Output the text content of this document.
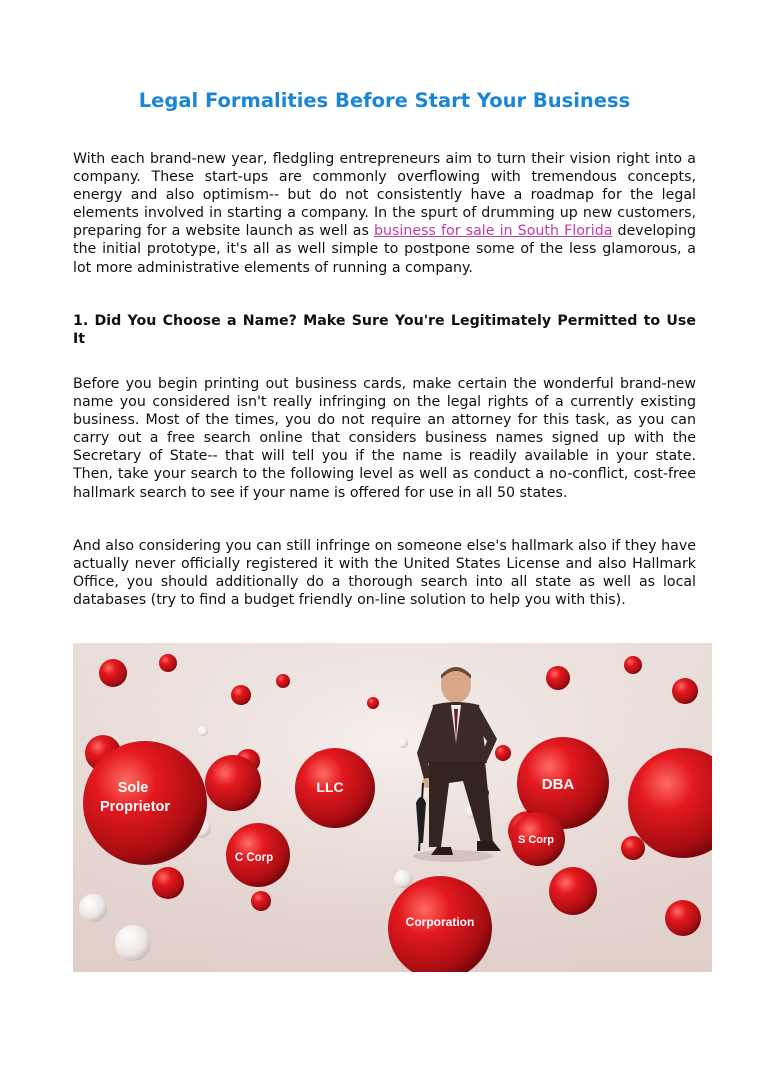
Legal Formalities Before Start Your Business

With each brand-new year, fledgling entrepreneurs aim to turn their vision right into a company. These start-ups are commonly overflowing with tremendous concepts, energy and also optimism-- but do not consistently have a roadmap for the legal elements involved in starting a company. In the spurt of drumming up new customers, preparing for a website launch as well as business for sale in South Florida developing the initial prototype, it's all as well simple to postpone some of the less glamorous, a lot more administrative elements of running a company.

1. Did You Choose a Name? Make Sure You're Legitimately Permitted to Use It

Before you begin printing out business cards, make certain the wonderful brand-new name you considered isn't really infringing on the legal rights of a currently existing business. Most of the times, you do not require an attorney for this task, as you can carry out a free search online that considers business names signed up with the Secretary of State-- that will tell you if the name is readily available in your state. Then, take your search to the following level as well as conduct a no-conflict, cost-free hallmark search to see if your name is offered for use in all 50 states.

And also considering you can still infringe on someone else's hallmark also if they have actually never officially registered it with the United States License and also Hallmark Office, you should additionally do a thorough search into all state as well as local databases (try to find a budget friendly on-line solution to help you with this).

Sole
Proprietor
LLC
C Corp
DBA
S Corp
Corporation
